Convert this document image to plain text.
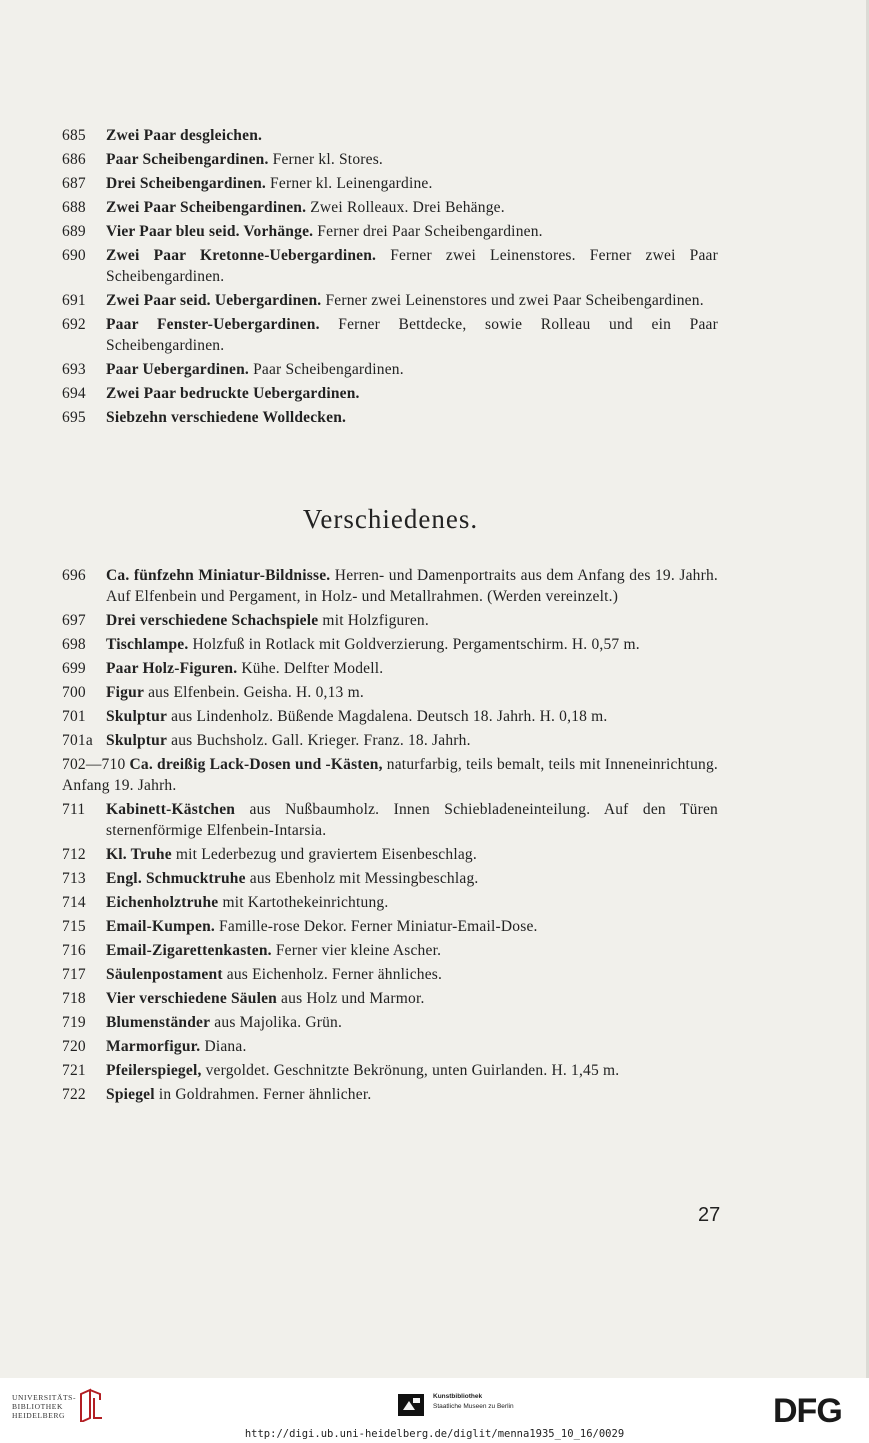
685 Zwei Paar desgleichen.
686 Paar Scheibengardinen. Ferner kl. Stores.
687 Drei Scheibengardinen. Ferner kl. Leinengardine.
688 Zwei Paar Scheibengardinen. Zwei Rolleaux. Drei Behänge.
689 Vier Paar bleu seid. Vorhänge. Ferner drei Paar Scheibengardinen.
690 Zwei Paar Kretonne-Uebergardinen. Ferner zwei Leinenstores. Ferner zwei Paar Scheibengardinen.
691 Zwei Paar seid. Uebergardinen. Ferner zwei Leinenstores und zwei Paar Scheibengardinen.
692 Paar Fenster-Uebergardinen. Ferner Bettdecke, sowie Rolleau und ein Paar Scheibengardinen.
693 Paar Uebergardinen. Paar Scheibengardinen.
694 Zwei Paar bedruckte Uebergardinen.
695 Siebzehn verschiedene Wolldecken.
Verschiedenes.
696 Ca. fünfzehn Miniatur-Bildnisse. Herren- und Damenportraits aus dem Anfang des 19. Jahrh. Auf Elfenbein und Pergament, in Holz- und Metallrahmen. (Werden vereinzelt.)
697 Drei verschiedene Schachspiele mit Holzfiguren.
698 Tischlampe. Holzfuß in Rotlack mit Goldverzierung. Pergamentschirm. H. 0,57 m.
699 Paar Holz-Figuren. Kühe. Delfter Modell.
700 Figur aus Elfenbein. Geisha. H. 0,13 m.
701 Skulptur aus Lindenholz. Büßende Magdalena. Deutsch 18. Jahrh. H. 0,18 m.
701a Skulptur aus Buchsholz. Gall. Krieger. Franz. 18. Jahrh.
702—710 Ca. dreißig Lack-Dosen und -Kästen, naturfarbig, teils bemalt, teils mit Inneneinrichtung. Anfang 19. Jahrh.
711 Kabinett-Kästchen aus Nußbaumholz. Innen Schiebladeneinteilung. Auf den Türen sternenförmige Elfenbein-Intarsia.
712 Kl. Truhe mit Lederbezug und graviertem Eisenbeschlag.
713 Engl. Schmucktruhe aus Ebenholz mit Messingbeschlag.
714 Eichenholztruhe mit Kartothekeinrichtung.
715 Email-Kumpen. Famille-rose Dekor. Ferner Miniatur-Email-Dose.
716 Email-Zigarettenkasten. Ferner vier kleine Ascher.
717 Säulenpostament aus Eichenholz. Ferner ähnliches.
718 Vier verschiedene Säulen aus Holz und Marmor.
719 Blumenständer aus Majolika. Grün.
720 Marmorfigur. Diana.
721 Pfeilerspiegel, vergoldet. Geschnitzte Bekrönung, unten Guirlanden. H. 1,45 m.
722 Spiegel in Goldrahmen. Ferner ähnlicher.
27
UNIVERSITÄTS-
BIBLIOTHEK
HEIDELBERG
Kunstbibliothek
Staatliche Museen zu Berlin	DFG
http://digi.ub.uni-heidelberg.de/diglit/menna1935_10_16/0029
